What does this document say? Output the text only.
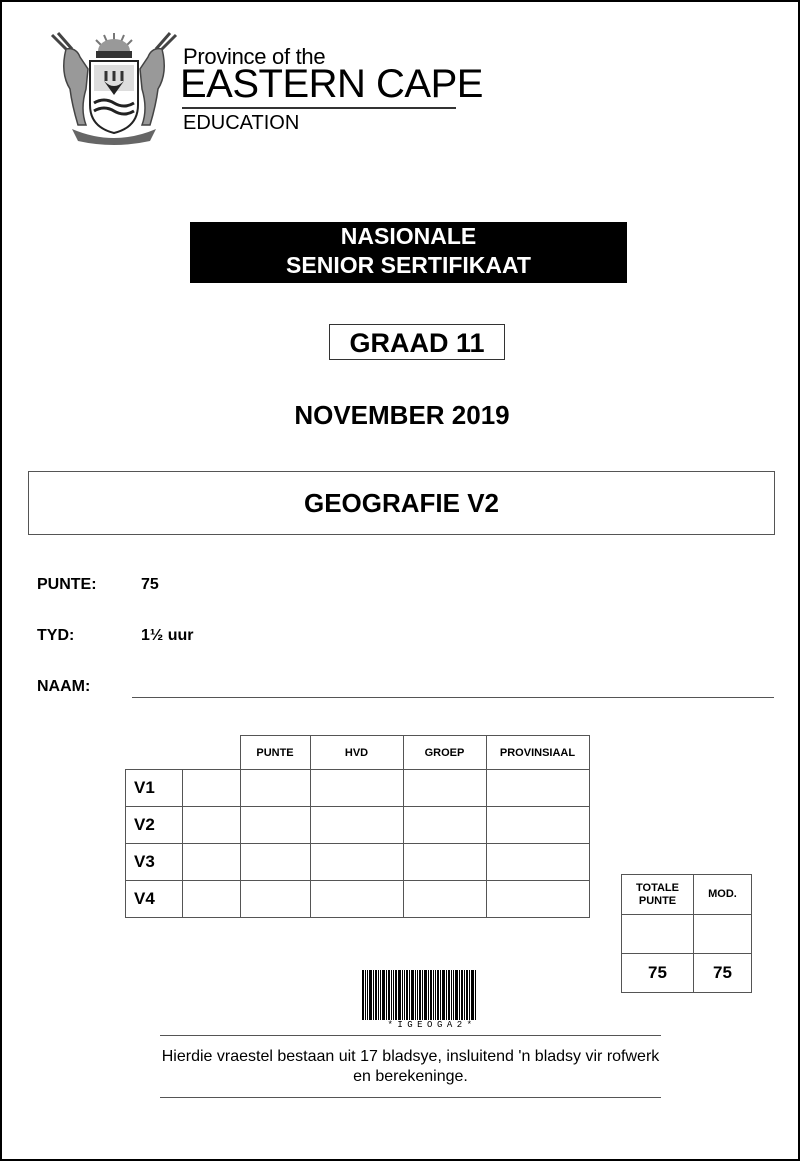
Province of the
EASTERN CAPE
EDUCATION
NASIONALE
SENIOR SERTIFIKAAT
GRAAD 11
NOVEMBER 2019
GEOGRAFIE V2
PUNTE:	75
TYD:	1½ uur
NAAM:
		PUNTE	HVD	GROEP	PROVINSIAAL
V1					
V2					
V3					
V4					
TOTALE PUNTE	MOD.

75	75
*IGEOGA2*
Hierdie vraestel bestaan uit 17 bladsye, insluitend 'n bladsy vir rofwerk en berekeninge.
